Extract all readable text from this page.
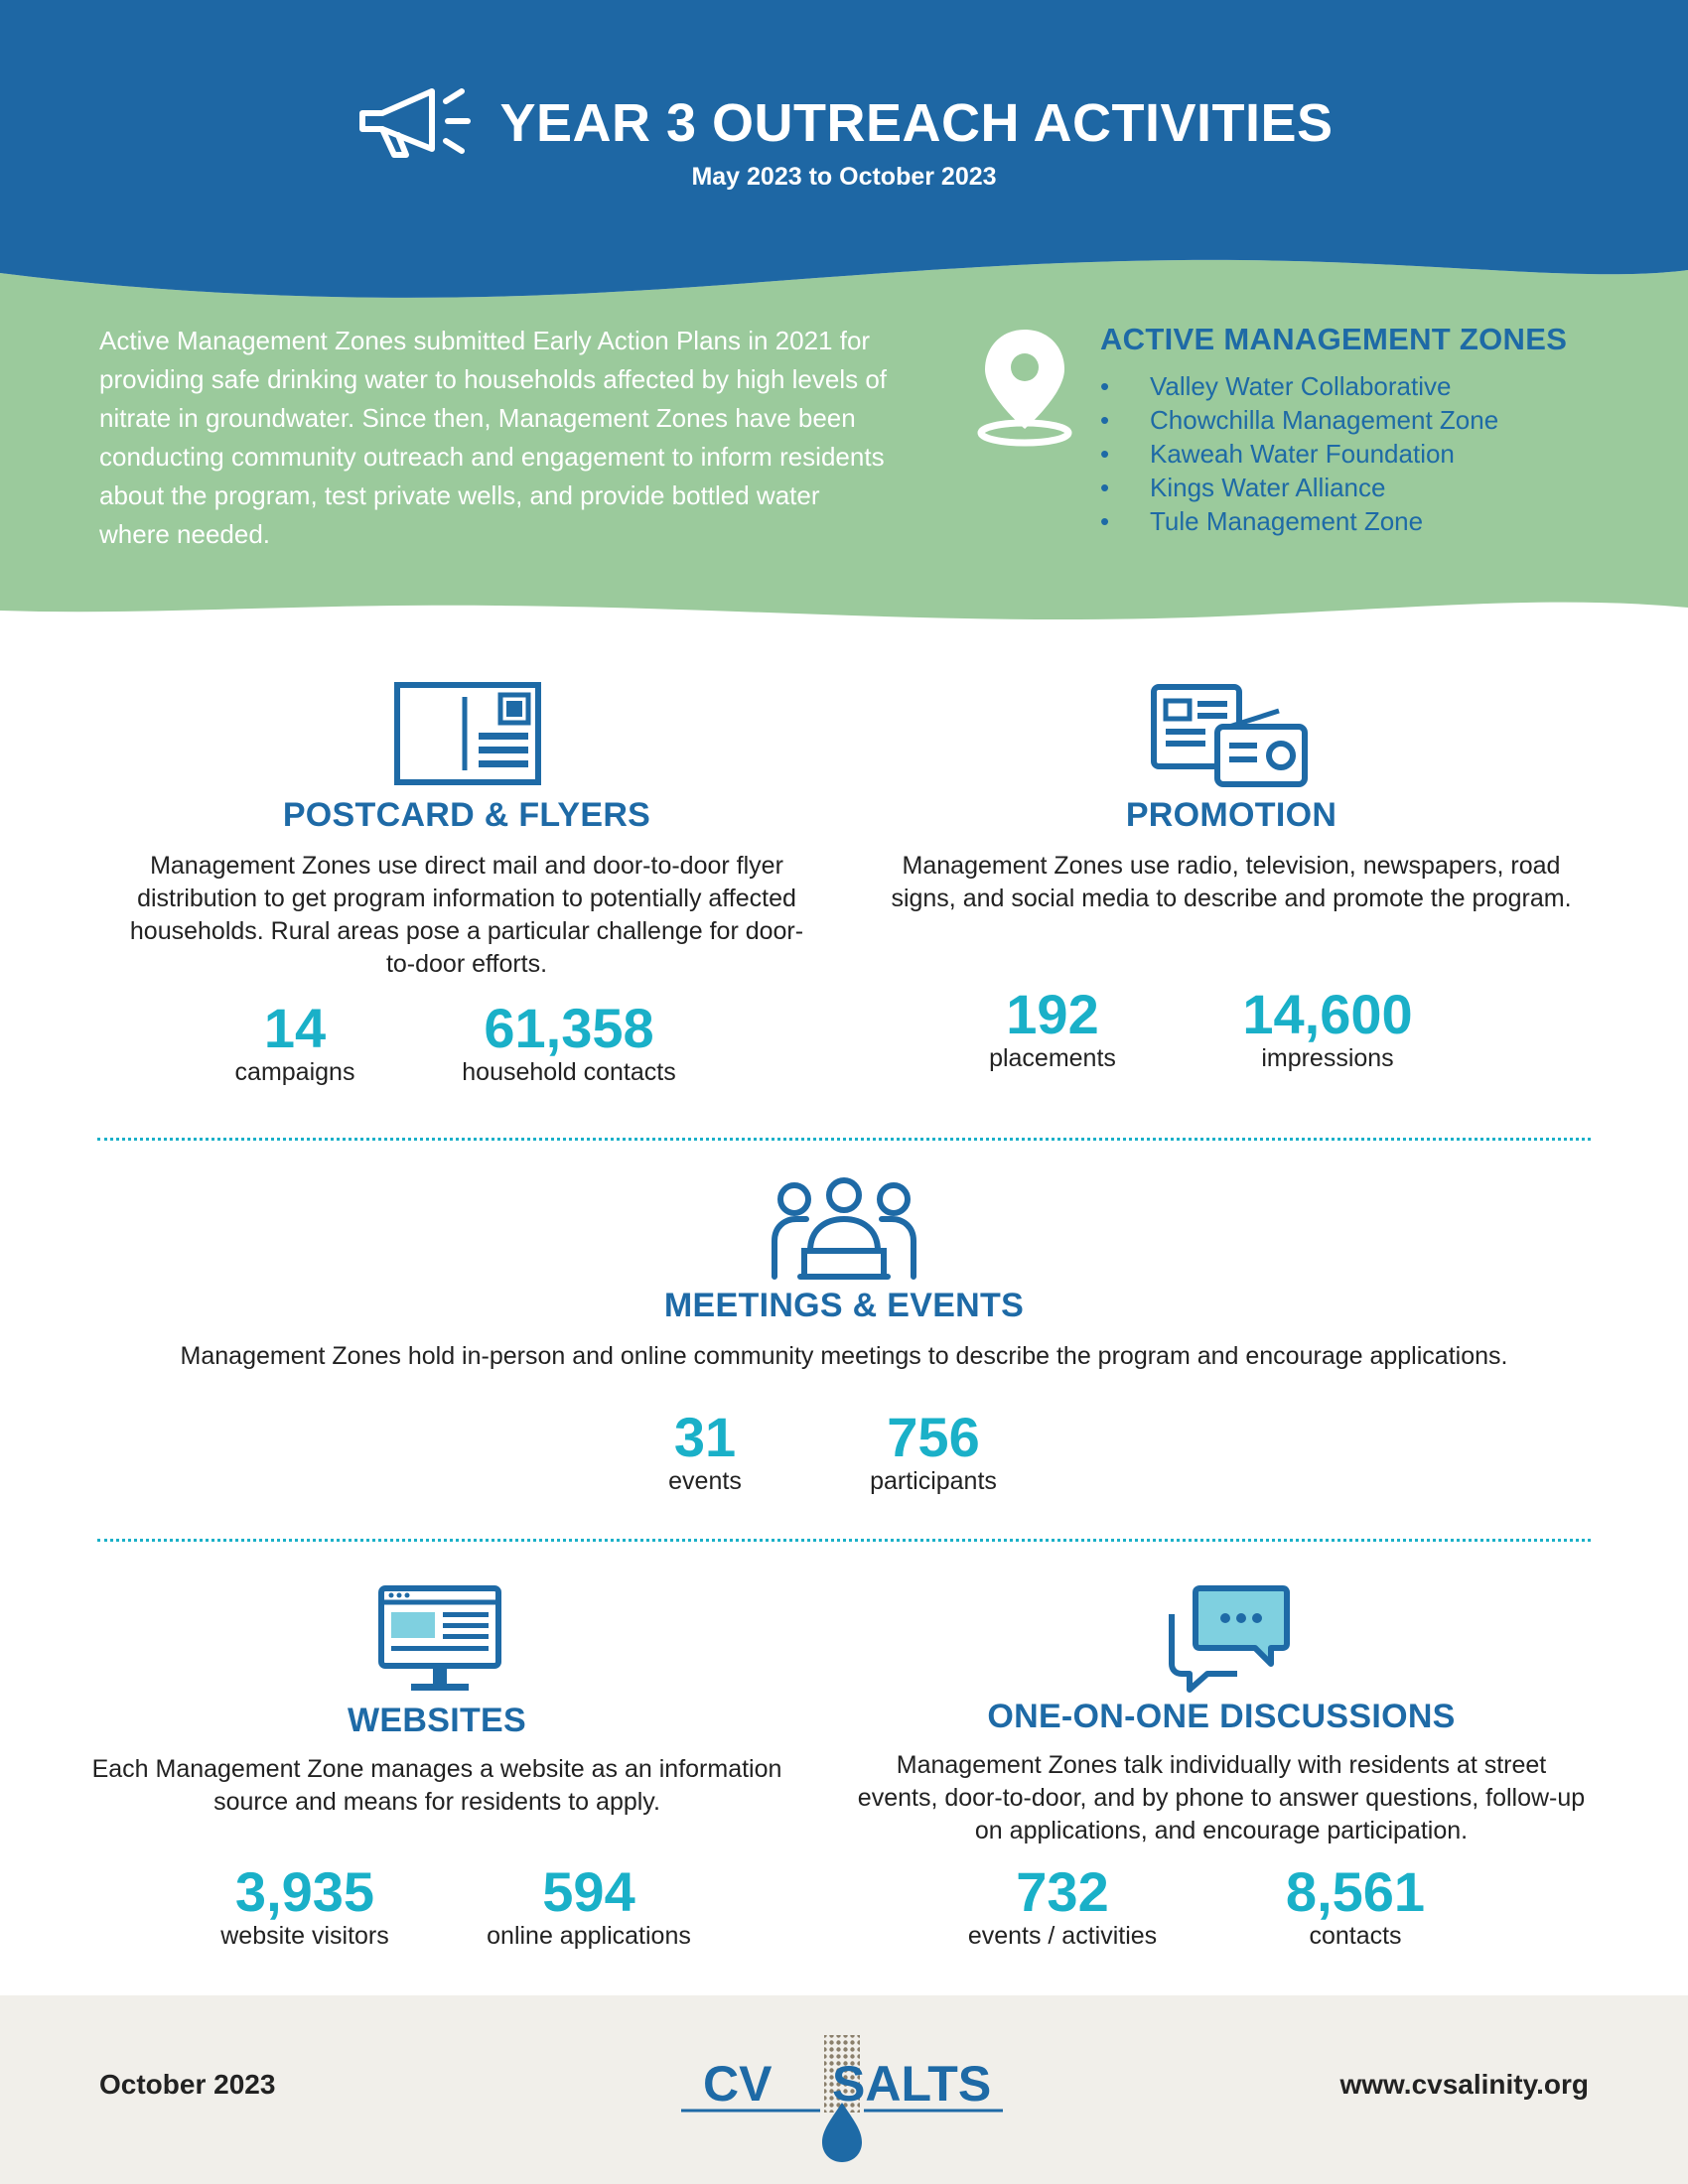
YEAR 3 OUTREACH ACTIVITIES
May 2023 to October 2023
Active Management Zones submitted Early Action Plans in 2021 for providing safe drinking water to households affected by high levels of nitrate in groundwater. Since then, Management Zones have been conducting community outreach and engagement to inform residents about the program, test private wells, and provide bottled water where needed.
ACTIVE MANAGEMENT ZONES
• Valley Water Collaborative
• Chowchilla Management Zone
• Kaweah Water Foundation
• Kings Water Alliance
• Tule Management Zone
POSTCARD & FLYERS
Management Zones use direct mail and door-to-door flyer distribution to get program information to potentially affected households. Rural areas pose a particular challenge for door-to-door efforts.
14
campaigns
61,358
household contacts
PROMOTION
Management Zones use radio, television, newspapers, road signs, and social media to describe and promote the program.
192
placements
14,600
impressions
MEETINGS & EVENTS
Management Zones hold in-person and online community meetings to describe the program and encourage applications.
31
events
756
participants
WEBSITES
Each Management Zone manages a website as an information source and means for residents to apply.
3,935
website visitors
594
online applications
ONE-ON-ONE DISCUSSIONS
Management Zones talk individually with residents at street events, door-to-door, and by phone to answer questions, follow-up on applications, and encourage participation.
732
events / activities
8,561
contacts
October 2023	www.cvsalinity.org
CV SALTS
